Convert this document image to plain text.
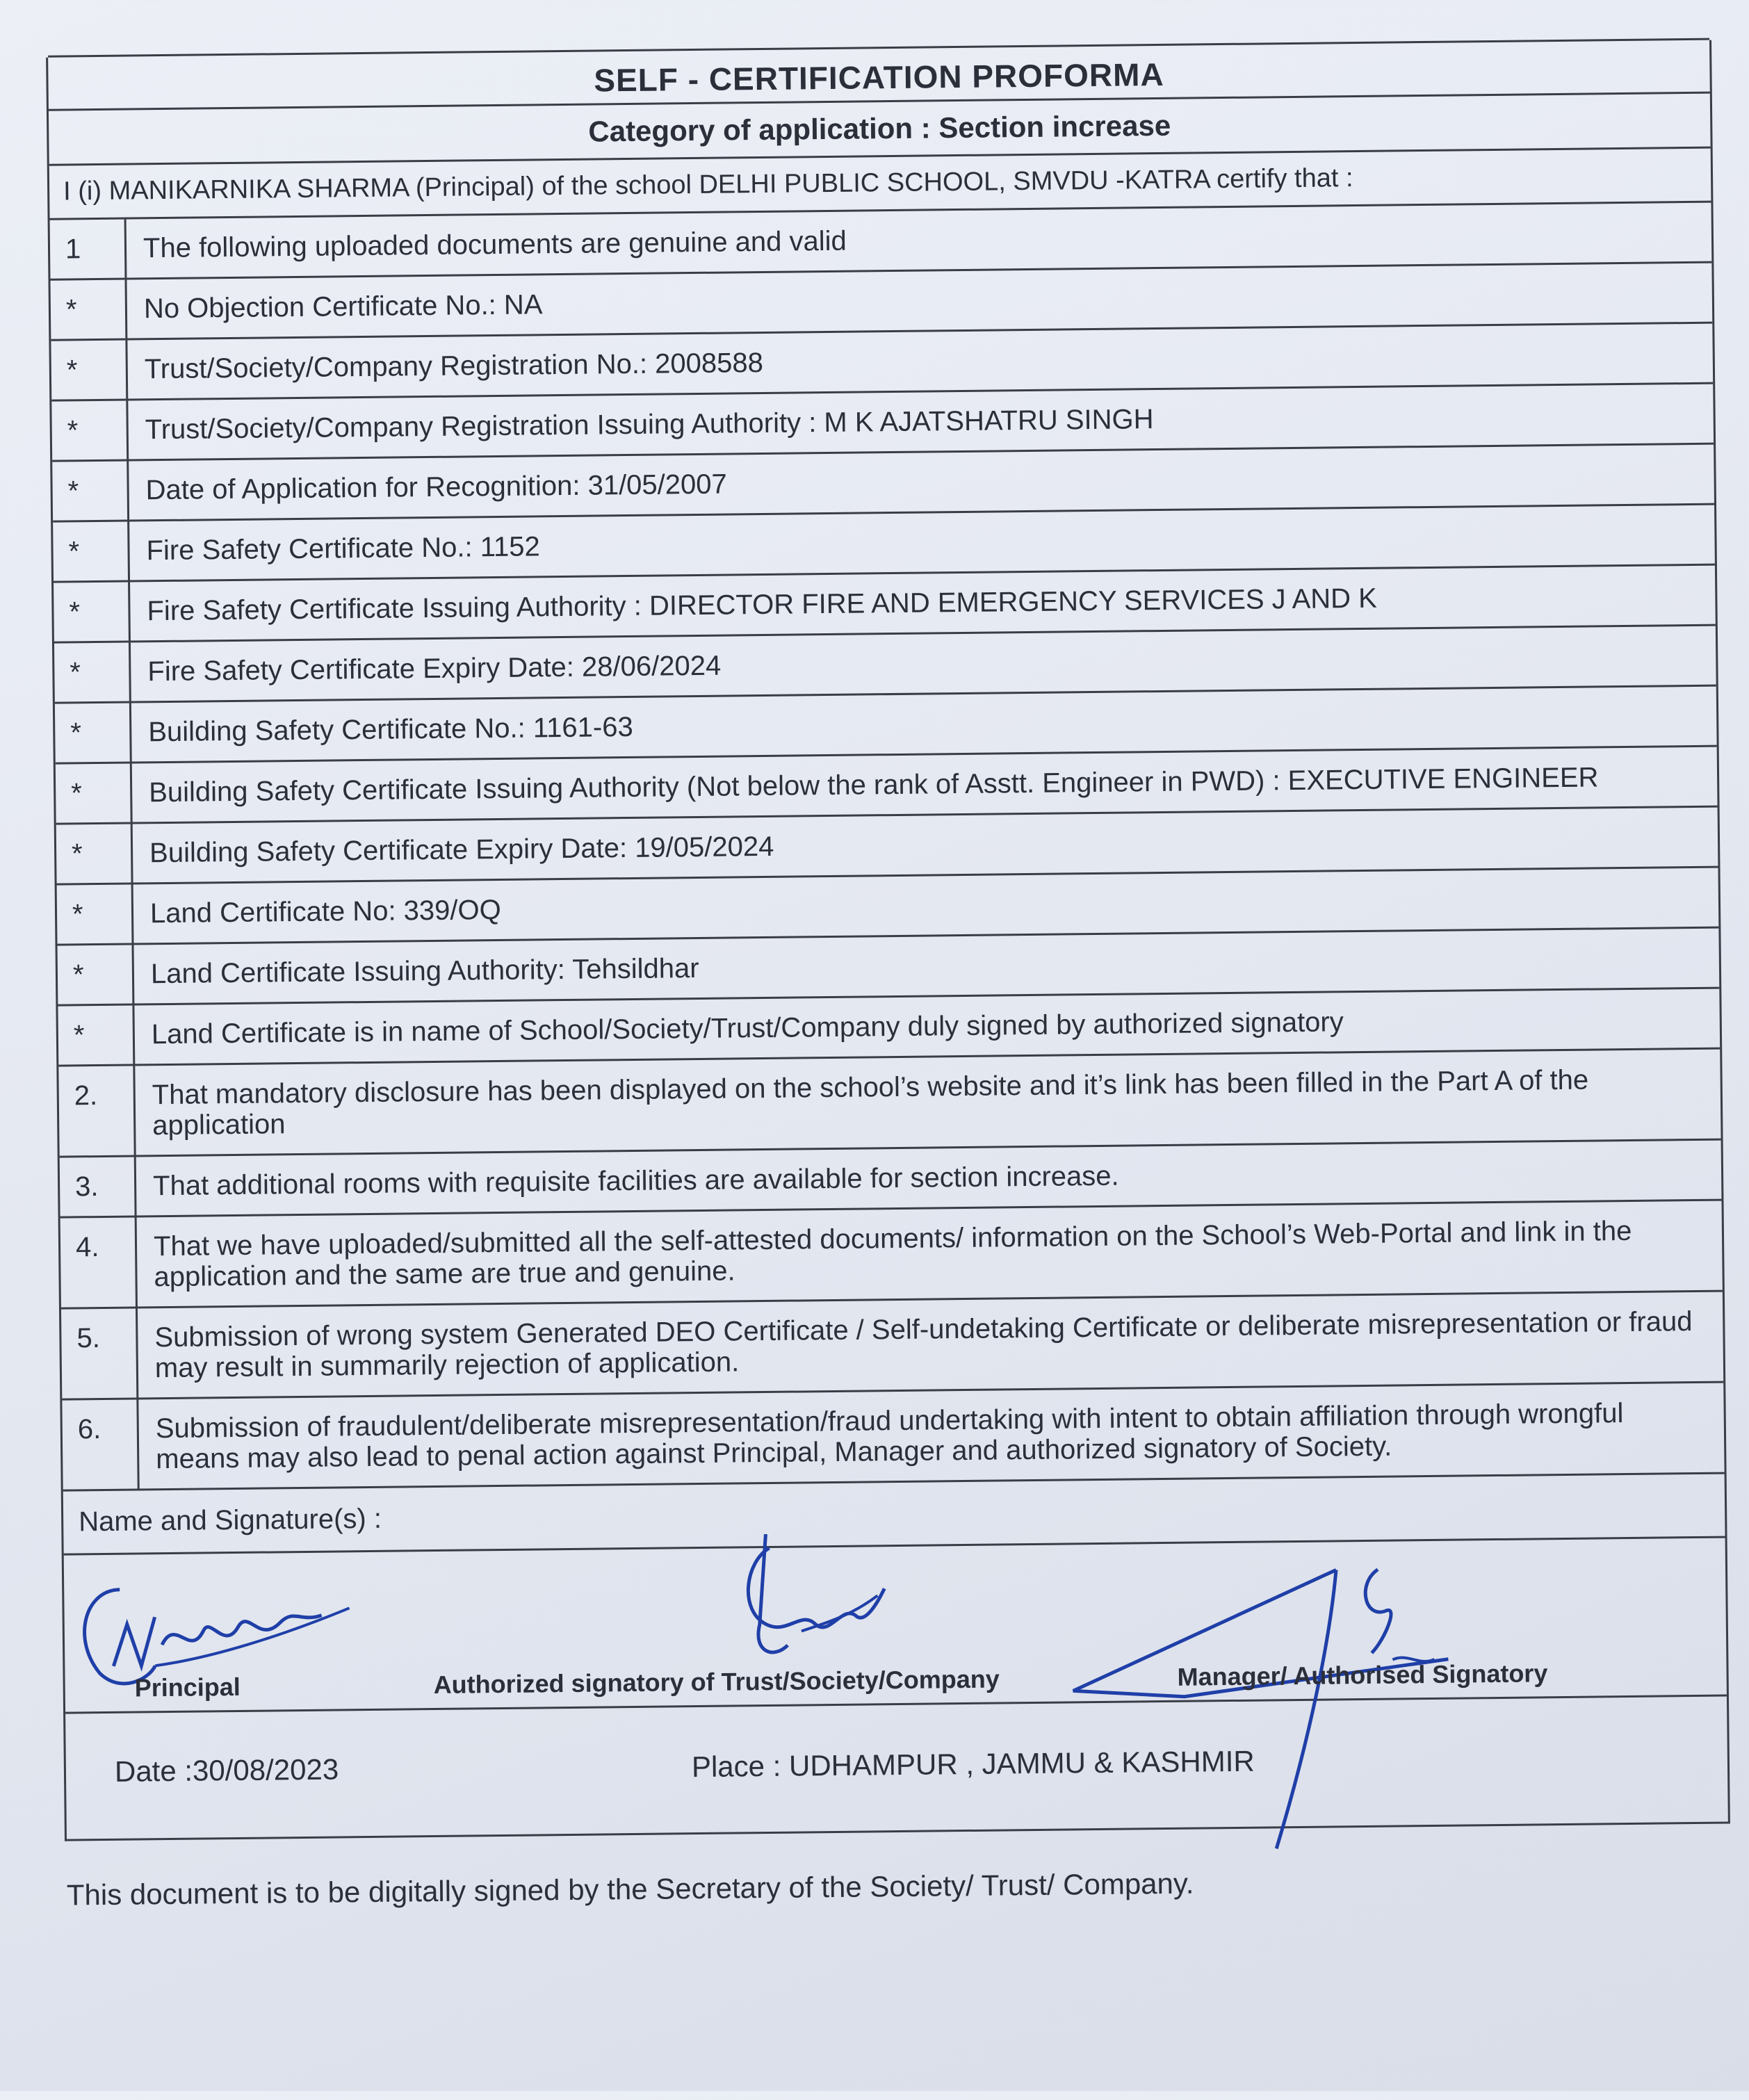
SELF - CERTIFICATION PROFORMA
Category of application : Section increase
I (i) MANIKARNIKA SHARMA (Principal) of the school DELHI PUBLIC SCHOOL, SMVDU -KATRA certify that :
1	The following uploaded documents are genuine and valid
*	No Objection Certificate No.: NA
*	Trust/Society/Company Registration No.: 2008588
*	Trust/Society/Company Registration Issuing Authority : M K AJATSHATRU SINGH
*	Date of Application for Recognition: 31/05/2007
*	Fire Safety Certificate No.: 1152
*	Fire Safety Certificate Issuing Authority : DIRECTOR FIRE AND EMERGENCY SERVICES J AND K
*	Fire Safety Certificate Expiry Date: 28/06/2024
*	Building Safety Certificate No.: 1161-63
*	Building Safety Certificate Issuing Authority (Not below the rank of Asstt. Engineer in PWD) : EXECUTIVE ENGINEER
*	Building Safety Certificate Expiry Date: 19/05/2024
*	Land Certificate No: 339/OQ
*	Land Certificate Issuing Authority: Tehsildhar
*	Land Certificate is in name of School/Society/Trust/Company duly signed by authorized signatory
2.	That mandatory disclosure has been displayed on the school’s website and it’s link has been filled in the Part A of the application
3.	That additional rooms with requisite facilities are available for section increase.
4.	That we have uploaded/submitted all the self-attested documents/ information on the School’s Web-Portal and link in the application and the same are true and genuine.
5.	Submission of wrong system Generated DEO Certificate / Self-undetaking Certificate or deliberate misrepresentation or fraud may result in summarily rejection of application.
6.	Submission of fraudulent/deliberate misrepresentation/fraud undertaking with intent to obtain affiliation through wrongful means may also lead to penal action against Principal, Manager and authorized signatory of Society.
Name and Signature(s) :
Principal	Authorized signatory of Trust/Society/Company	Manager/ Authorised Signatory
Date :30/08/2023	Place : UDHAMPUR , JAMMU & KASHMIR
This document is to be digitally signed by the Secretary of the Society/ Trust/ Company.
